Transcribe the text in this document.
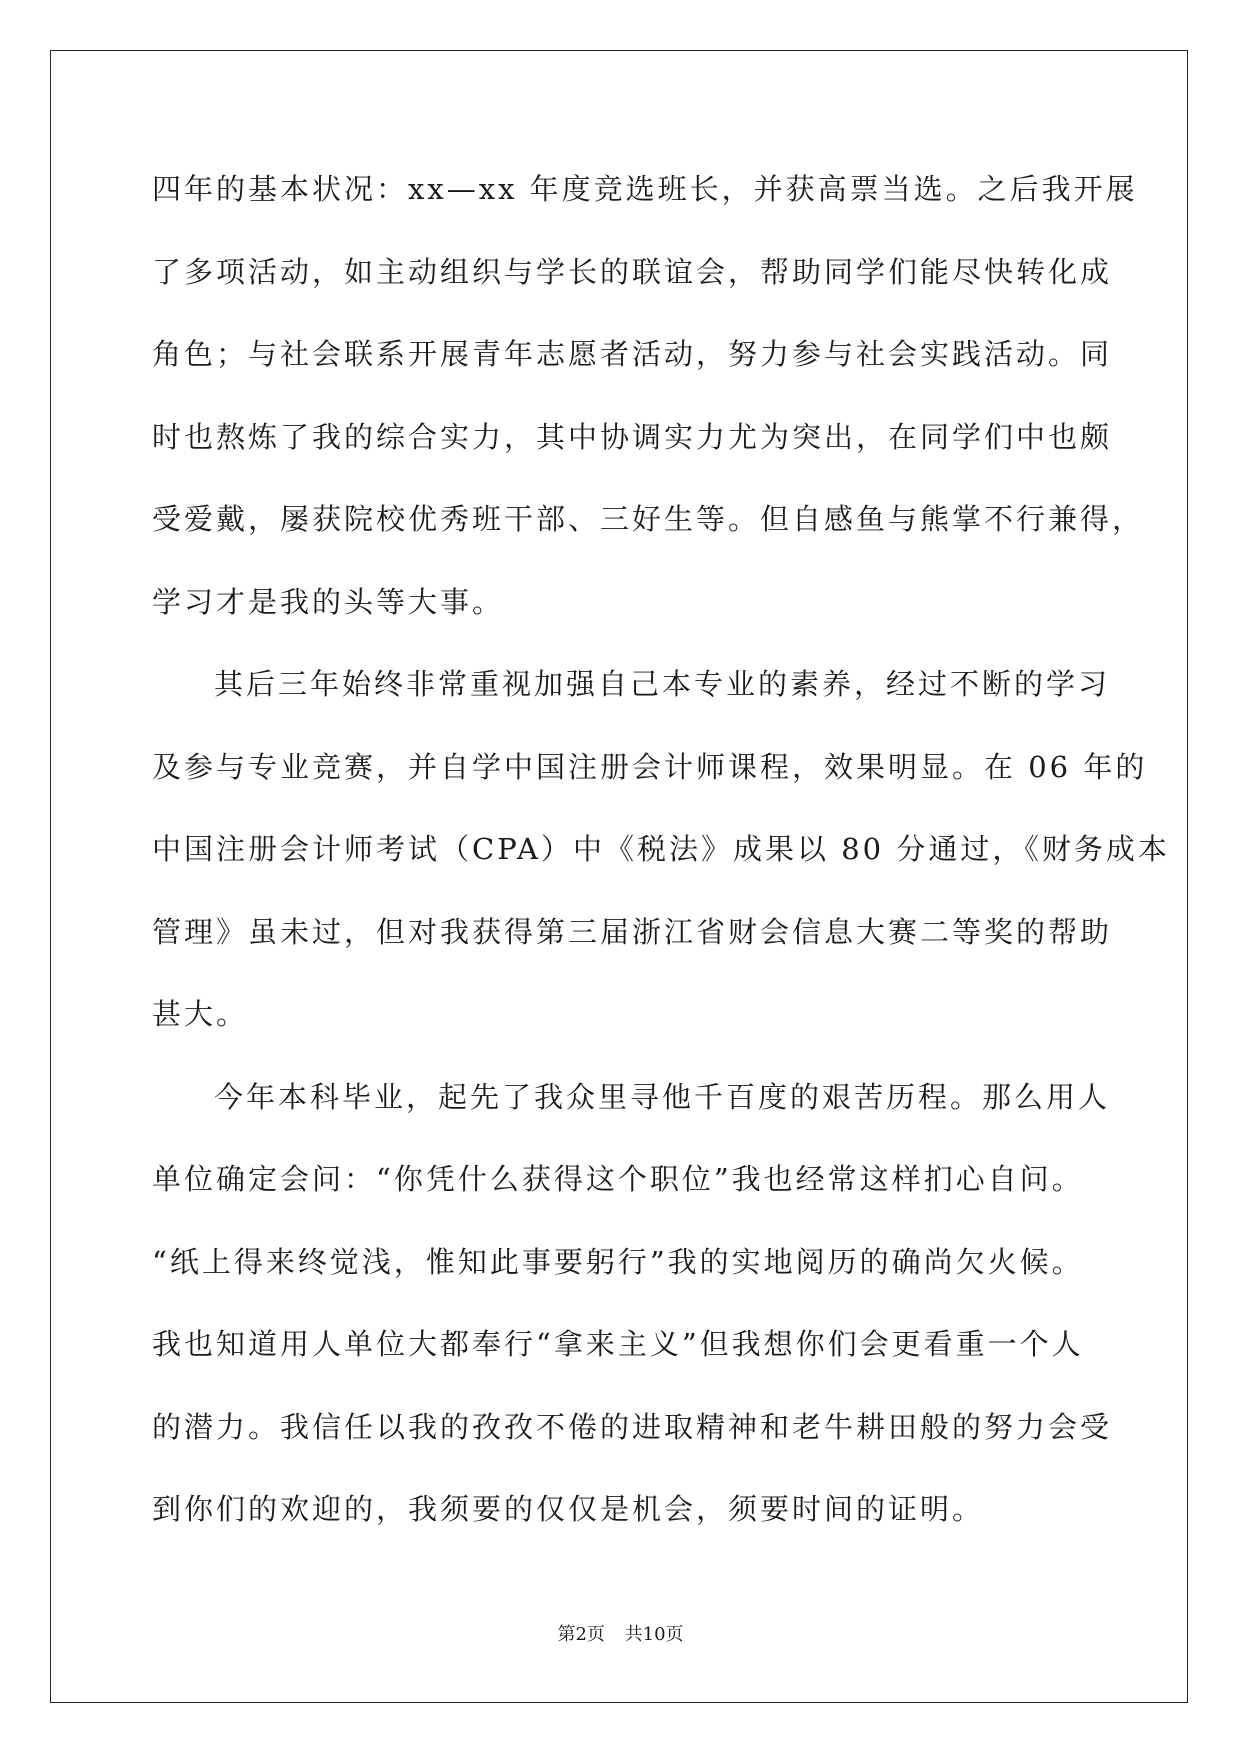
四年的基本状况：xx—xx 年度竞选班长，并获高票当选。之后我开展
了多项活动，如主动组织与学长的联谊会，帮助同学们能尽快转化成
角色；与社会联系开展青年志愿者活动，努力参与社会实践活动。同
时也熬炼了我的综合实力，其中协调实力尤为突出，在同学们中也颇
受爱戴，屡获院校优秀班干部、三好生等。但自感鱼与熊掌不行兼得，
学习才是我的头等大事。
其后三年始终非常重视加强自己本专业的素养，经过不断的学习
及参与专业竞赛，并自学中国注册会计师课程，效果明显。在 06 年的
中国注册会计师考试（CPA）中《税法》成果以 80 分通过，《财务成本
管理》虽未过，但对我获得第三届浙江省财会信息大赛二等奖的帮助
甚大。
今年本科毕业，起先了我众里寻他千百度的艰苦历程。那么用人
单位确定会问：“你凭什么获得这个职位”我也经常这样扪心自问。
“纸上得来终觉浅，惟知此事要躬行”我的实地阅历的确尚欠火候。
我也知道用人单位大都奉行“拿来主义”但我想你们会更看重一个人
的潜力。我信任以我的孜孜不倦的进取精神和老牛耕田般的努力会受
到你们的欢迎的，我须要的仅仅是机会，须要时间的证明。
第2页 共10页
